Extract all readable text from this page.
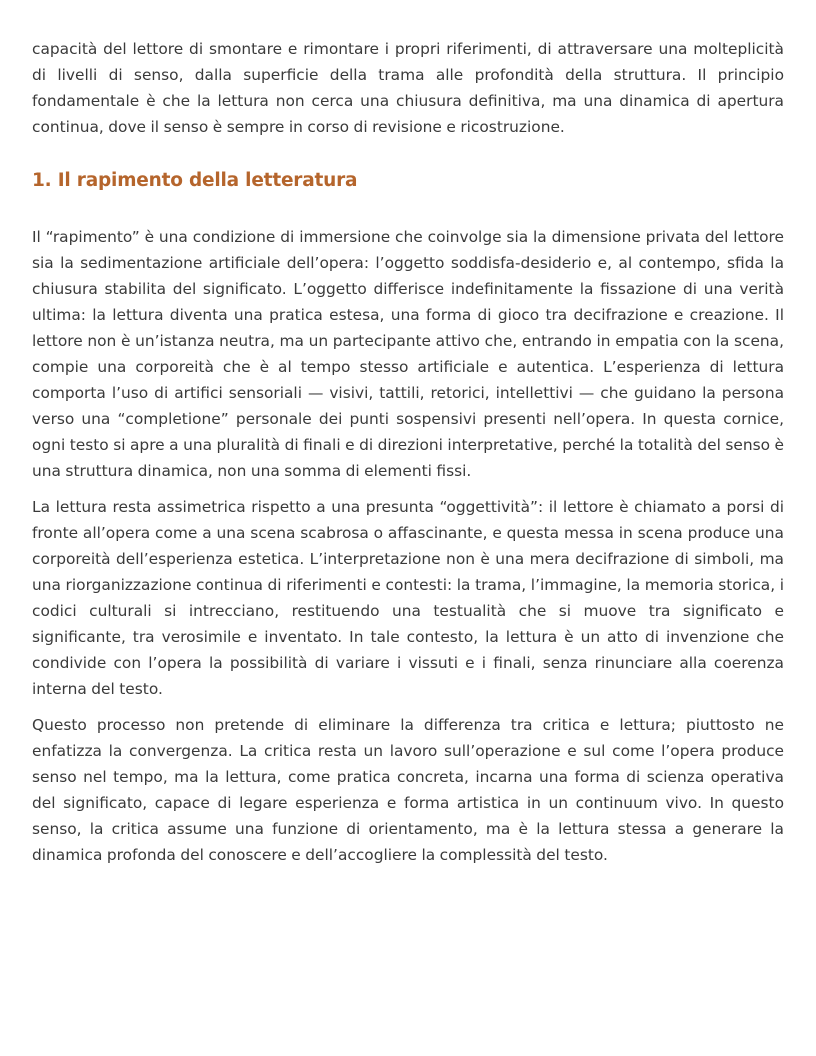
capacità del lettore di smontare e rimontare i propri riferimenti, di attraversare una molteplicità di livelli di senso, dalla superficie della trama alle profondità della struttura. Il principio fondamentale è che la lettura non cerca una chiusura definitiva, ma una dinamica di apertura continua, dove il senso è sempre in corso di revisione e ricostruzione.

1. Il rapimento della letteratura

Il “rapimento” è una condizione di immersione che coinvolge sia la dimensione privata del lettore sia la sedimentazione artificiale dell’opera: l’oggetto soddisfa-desiderio e, al contempo, sfida la chiusura stabilita del significato. L’oggetto differisce indefinitamente la fissazione di una verità ultima: la lettura diventa una pratica estesa, una forma di gioco tra decifrazione e creazione. Il lettore non è un’istanza neutra, ma un partecipante attivo che, entrando in empatia con la scena, compie una corporeità che è al tempo stesso artificiale e autentica. L’esperienza di lettura comporta l’uso di artifici sensoriali — visivi, tattili, retorici, intellettivi — che guidano la persona verso una “completione” personale dei punti sospensivi presenti nell’opera. In questa cornice, ogni testo si apre a una pluralità di finali e di direzioni interpretative, perché la totalità del senso è una struttura dinamica, non una somma di elementi fissi.

La lettura resta assimetrica rispetto a una presunta “oggettività”: il lettore è chiamato a porsi di fronte all’opera come a una scena scabrosa o affascinante, e questa messa in scena produce una corporeità dell’esperienza estetica. L’interpretazione non è una mera decifrazione di simboli, ma una riorganizzazione continua di riferimenti e contesti: la trama, l’immagine, la memoria storica, i codici culturali si intrecciano, restituendo una testualità che si muove tra significato e significante, tra verosimile e inventato. In tale contesto, la lettura è un atto di invenzione che condivide con l’opera la possibilità di variare i vissuti e i finali, senza rinunciare alla coerenza interna del testo.

Questo processo non pretende di eliminare la differenza tra critica e lettura; piuttosto ne enfatizza la convergenza. La critica resta un lavoro sull’operazione e sul come l’opera produce senso nel tempo, ma la lettura, come pratica concreta, incarna una forma di scienza operativa del significato, capace di legare esperienza e forma artistica in un continuum vivo. In questo senso, la critica assume una funzione di orientamento, ma è la lettura stessa a generare la dinamica profonda del conoscere e dell’accogliere la complessità del testo.
